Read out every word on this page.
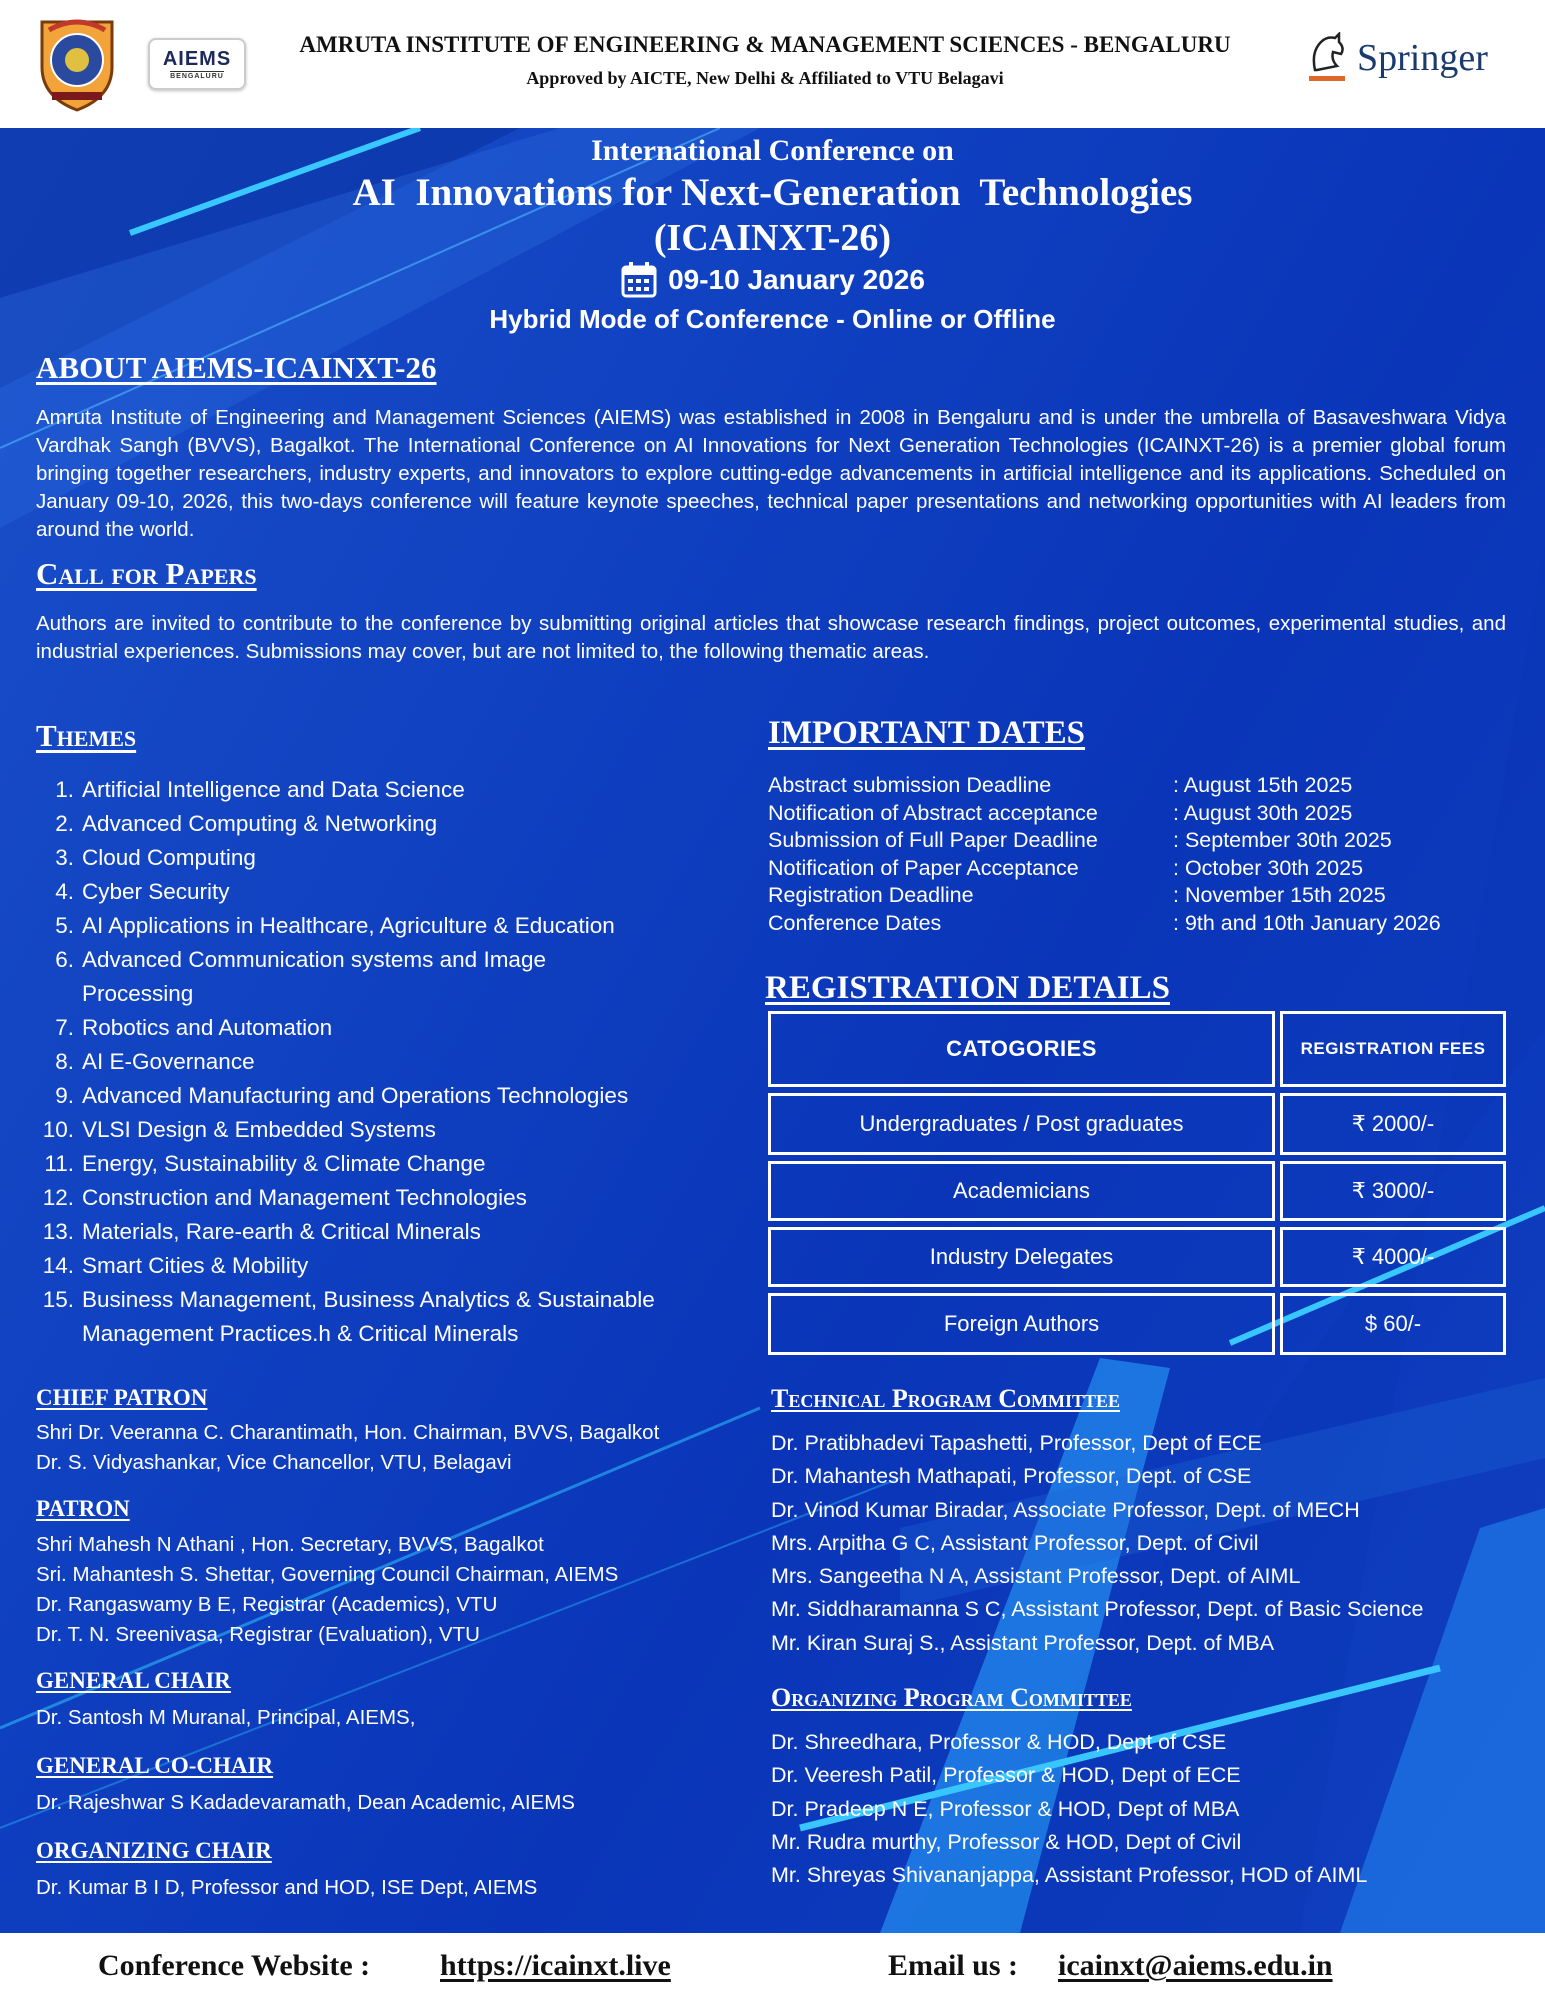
AIEMS
BENGALURU
AMRUTA INSTITUTE OF ENGINEERING & MANAGEMENT SCIENCES - BENGALURU
Approved by AICTE, New Delhi & Affiliated to VTU Belagavi	Springer
International Conference on
AI  Innovations for Next-Generation  Technologies
(ICAINXT-26)
09-10 January 2026
Hybrid Mode of Conference - Online or Offline
ABOUT AIEMS-ICAINXT-26
Amruta Institute of Engineering and Management Sciences (AIEMS) was established in 2008 in Bengaluru and is under the umbrella of Basaveshwara Vidya Vardhak Sangh (BVVS), Bagalkot. The International Conference on AI Innovations for Next Generation Technologies (ICAINXT-26) is a premier global forum bringing together researchers, industry experts, and innovators to explore cutting-edge advancements in artificial intelligence and its applications. Scheduled on January 09-10, 2026, this two-days conference will feature keynote speeches, technical paper presentations and networking opportunities with AI leaders from around the world.
Call for Papers
Authors are invited to contribute to the conference by submitting original articles that showcase research findings, project outcomes, experimental studies, and industrial experiences. Submissions may cover, but are not limited to, the following thematic areas.
Themes
1. Artificial Intelligence and Data Science
2. Advanced Computing & Networking
3. Cloud Computing
4. Cyber Security
5. AI Applications in Healthcare, Agriculture & Education
6. Advanced Communication systems and Image Processing
7. Robotics and Automation
8. AI E-Governance
9. Advanced Manufacturing and Operations Technologies
10. VLSI Design & Embedded Systems
11. Energy, Sustainability & Climate Change
12. Construction and Management Technologies
13. Materials, Rare-earth & Critical Minerals
14. Smart Cities & Mobility
15. Business Management, Business Analytics & Sustainable Management Practices.h & Critical Minerals
IMPORTANT DATES
Abstract submission Deadline	: August 15th 2025
Notification of Abstract acceptance	: August 30th 2025
Submission of Full Paper Deadline	: September 30th 2025
Notification of Paper Acceptance	: October 30th 2025
Registration Deadline	: November 15th 2025
Conference Dates	: 9th and 10th January 2026
REGISTRATION DETAILS
CATOGORIES	REGISTRATION FEES
Undergraduates / Post graduates	₹ 2000/-
Academicians	₹ 3000/-
Industry Delegates	₹ 4000/-
Foreign Authors	$ 60/-
CHIEF PATRON
Shri Dr. Veeranna C. Charantimath, Hon. Chairman, BVVS, Bagalkot
Dr. S. Vidyashankar, Vice Chancellor, VTU, Belagavi
PATRON
Shri Mahesh N Athani , Hon. Secretary, BVVS, Bagalkot
Sri. Mahantesh S. Shettar, Governing Council Chairman, AIEMS
Dr. Rangaswamy B E, Registrar (Academics), VTU
Dr. T. N. Sreenivasa, Registrar (Evaluation), VTU
GENERAL CHAIR
Dr. Santosh M Muranal, Principal, AIEMS,
GENERAL CO-CHAIR
Dr. Rajeshwar S Kadadevaramath, Dean Academic, AIEMS
ORGANIZING CHAIR
Dr. Kumar B I D, Professor and HOD, ISE Dept, AIEMS
Technical Program Committee
Dr. Pratibhadevi Tapashetti, Professor, Dept of ECE
Dr. Mahantesh Mathapati, Professor, Dept. of CSE
Dr. Vinod Kumar Biradar, Associate Professor, Dept. of MECH
Mrs. Arpitha G C, Assistant Professor, Dept. of Civil
Mrs. Sangeetha N A, Assistant Professor, Dept. of AIML
Mr. Siddharamanna S C, Assistant Professor, Dept. of Basic Science
Mr. Kiran Suraj S., Assistant Professor, Dept. of MBA
Organizing Program Committee
Dr. Shreedhara, Professor & HOD, Dept of CSE
Dr. Veeresh Patil, Professor & HOD, Dept of ECE
Dr. Pradeep N E, Professor & HOD, Dept of MBA
Mr. Rudra murthy, Professor & HOD, Dept of Civil
Mr. Shreyas Shivananjappa, Assistant Professor, HOD of AIML
Conference Website : https://icainxt.live	Email us : icainxt@aiems.edu.in
